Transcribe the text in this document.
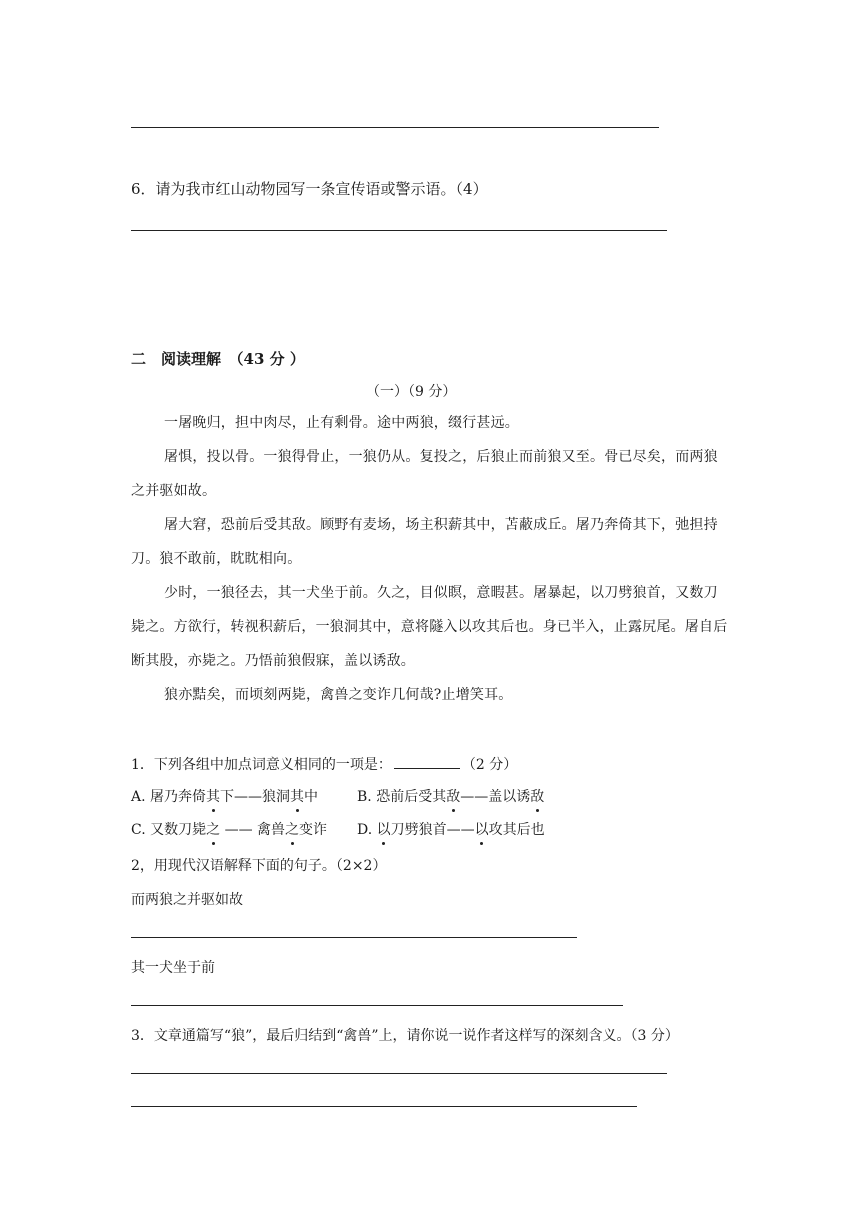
6．请为我市红山动物园写一条宣传语或警示语。（4）
二　阅读理解　（43 分 ）
（一）（9 分）
一屠晚归，担中肉尽，止有剩骨。途中两狼，缀行甚远。
屠惧，投以骨。一狼得骨止，一狼仍从。复投之，后狼止而前狼又至。骨已尽矣，而两狼之并驱如故。
屠大窘，恐前后受其敌。顾野有麦场，场主积薪其中，苫蔽成丘。屠乃奔倚其下，弛担持刀。狼不敢前，眈眈相向。
少时，一狼径去，其一犬坐于前。久之，目似瞑，意暇甚。屠暴起，以刀劈狼首，又数刀毙之。方欲行，转视积薪后，一狼洞其中，意将隧入以攻其后也。身已半入，止露尻尾。屠自后断其股，亦毙之。乃悟前狼假寐，盖以诱敌。
狼亦黠矣，而顷刻两毙，禽兽之变诈几何哉?止增笑耳。
1．下列各组中加点词意义相同的一项是：	（2 分）
A. 屠乃奔倚其下——狼洞其中	B. 恐前后受其敌——盖以诱敌
C. 又数刀毙之 —— 禽兽之变诈 D. 以刀劈狼首——以攻其后也
2，用现代汉语解释下面的句子。（2×2）
而两狼之并驱如故
其一犬坐于前
3．文章通篇写“狼”，最后归结到“禽兽”上，请你说一说作者这样写的深刻含义。（3 分）
